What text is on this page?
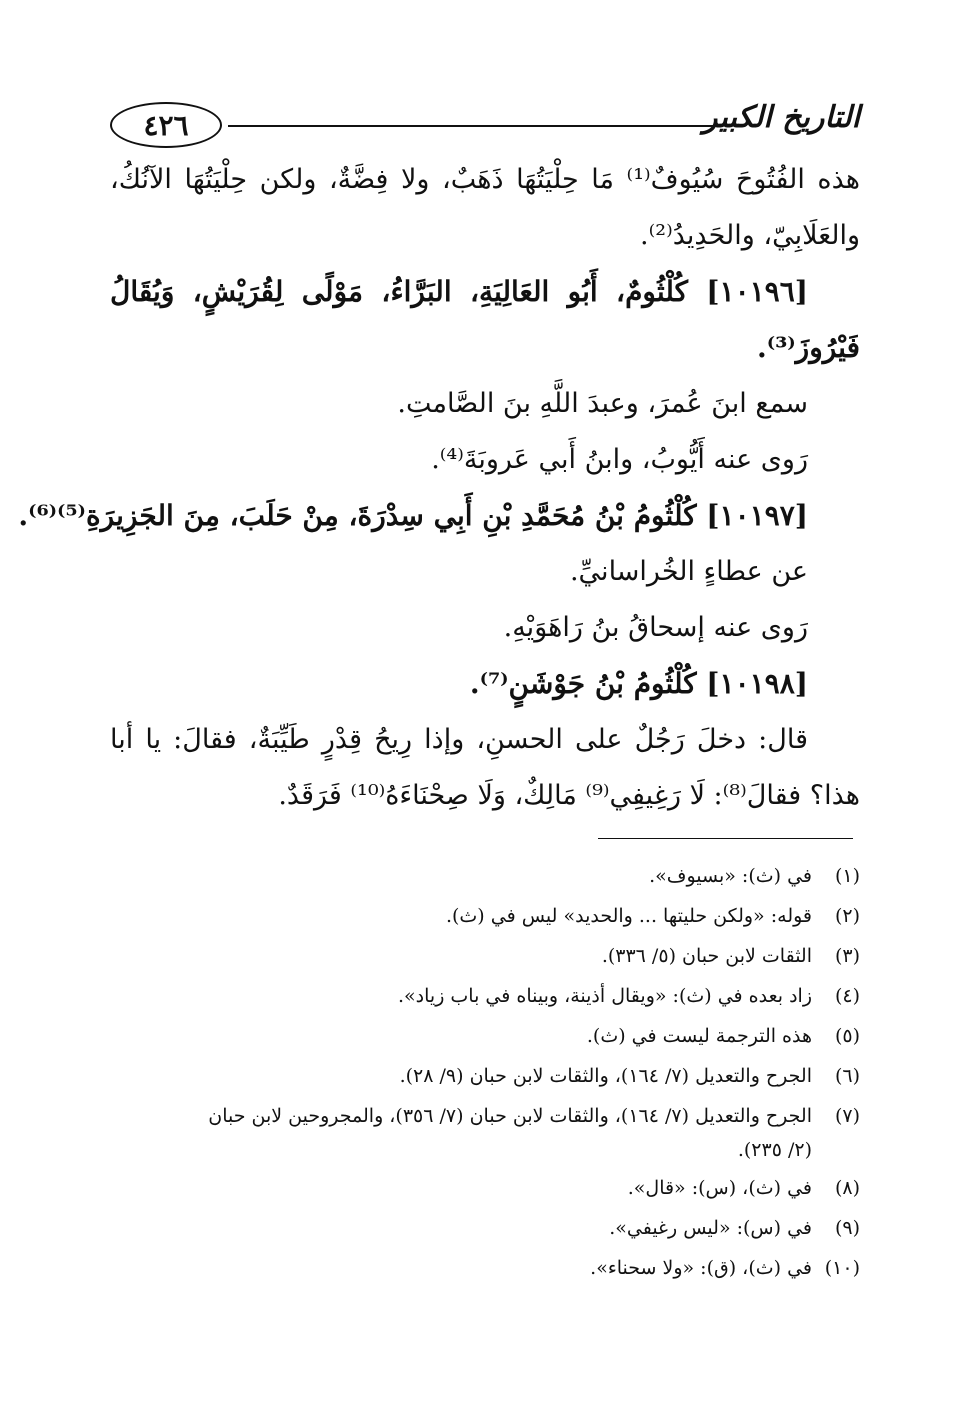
٤٢٦	التاريخ الكبير
هذه الفُتُوحَ سُيُوفٌ⁽¹⁾ مَا حِلْيَتُهَا ذَهَبٌ، ولا فِضَّةٌ، ولكن حِلْيَتُهَا الآنُكُ،
والعَلَابِيّ، والحَدِيدُ⁽²⁾.
[١٠١٩٦] كُلْثُومٌ، أَبُو العَالِيَةِ، البَرَّاءُ، مَوْلًى لِقُرَيْشٍ، وَيُقَالُ
فَيْرُوزَ⁽³⁾.
سمع ابنَ عُمرَ، وعبدَ اللَّهِ بنَ الصَّامتِ.
رَوى عنه أَيُّوبُ، وابنُ أَبي عَروبَةَ⁽⁴⁾.
[١٠١٩٧] كُلْثُومُ بْنُ مُحَمَّدِ بْنِ أَبِي سِدْرَةَ، مِنْ حَلَبَ، مِنَ الجَزِيرَةِ⁽⁵⁾⁽⁶⁾.
عن عطاءٍ الخُراسانيِّ.
رَوى عنه إسحاقُ بنُ رَاهَوَيْهِ.
[١٠١٩٨] كُلْثُومُ بْنُ جَوْشَنٍ⁽⁷⁾.
قال: دخلَ رَجُلٌ على الحسنِ، وإذا رِيحُ قِدْرٍ طَيِّبَةٌ، فقالَ: يا أبا
هذا؟ فقالَ⁽⁸⁾: لَا رَغِيفِي⁽⁹⁾ مَالِكٌ، وَلَا صِحْنَاءَهُ⁽¹⁰⁾ فَرَقَدٌ.
(١)
في (ث): «بسيوف».
(٢)
قوله: «ولكن حليتها ... والحديد» ليس في (ث).
(٣)
الثقات لابن حبان (٥/ ٣٣٦).
(٤)
زاد بعده في (ث): «ويقال أذينة، وبيناه في باب زياد».
(٥)
هذه الترجمة ليست في (ث).
(٦)
الجرح والتعديل (٧/ ١٦٤)، والثقات لابن حبان (٩/ ٢٨).
(٧)
الجرح والتعديل (٧/ ١٦٤)، والثقات لابن حبان (٧/ ٣٥٦)، والمجروحين لابن حبان
(٢/ ٢٣٥).
(٨)
في (ث)، (س): «قال».
(٩)
في (س): «ليس رغيفي».
(١٠)
في (ث)، (ق): «ولا سحناء».
